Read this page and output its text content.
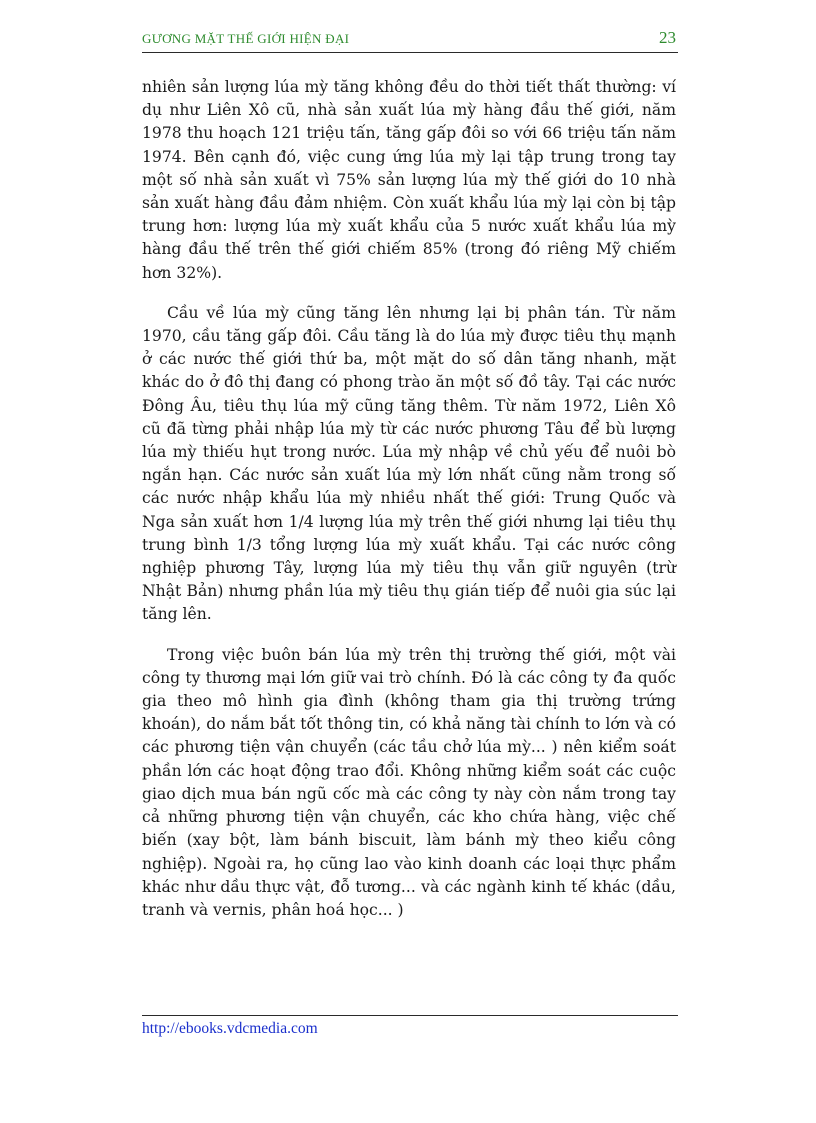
GƯƠNG MẶT THẾ GIỚI HIỆN ĐẠI	23

nhiên sản lượng lúa mỳ tăng không đều do thời tiết thất thường: ví dụ như Liên Xô cũ, nhà sản xuất lúa mỳ hàng đầu thế giới, năm 1978 thu hoạch 121 triệu tấn, tăng gấp đôi so với 66 triệu tấn năm 1974. Bên cạnh đó, việc cung ứng lúa mỳ lại tập trung trong tay một số nhà sản xuất vì 75% sản lượng lúa mỳ thế giới do 10 nhà sản xuất hàng đầu đảm nhiệm. Còn xuất khẩu lúa mỳ lại còn bị tập trung hơn: lượng lúa mỳ xuất khẩu của 5 nước xuất khẩu lúa mỳ hàng đầu thế trên thế giới chiếm 85% (trong đó riêng Mỹ chiếm hơn 32%).

Cầu về lúa mỳ cũng tăng lên nhưng lại bị phân tán. Từ năm 1970, cầu tăng gấp đôi. Cầu tăng là do lúa mỳ được tiêu thụ mạnh ở các nước thế giới thứ ba, một mặt do số dân tăng nhanh, mặt khác do ở đô thị đang có phong trào ăn một số đồ tây. Tại các nước Đông Âu, tiêu thụ lúa mỹ cũng tăng thêm. Từ năm 1972, Liên Xô cũ đã từng phải nhập lúa mỳ từ các nước phương Tâu để bù lượng lúa mỳ thiếu hụt trong nước. Lúa mỳ nhập về chủ yếu để nuôi bò ngắn hạn. Các nước sản xuất lúa mỳ lớn nhất cũng nằm trong số các nước nhập khẩu lúa mỳ nhiều nhất thế giới: Trung Quốc và Nga sản xuất hơn 1/4 lượng lúa mỳ trên thế giới nhưng lại tiêu thụ trung bình 1/3 tổng lượng lúa mỳ xuất khẩu. Tại các nước công nghiệp phương Tây, lượng lúa mỳ tiêu thụ vẫn giữ nguyên (trừ Nhật Bản) nhưng phần lúa mỳ tiêu thụ gián tiếp để nuôi gia súc lại tăng lên.

Trong việc buôn bán lúa mỳ trên thị trường thế giới, một vài công ty thương mại lớn giữ vai trò chính. Đó là các công ty đa quốc gia theo mô hình gia đình (không tham gia thị trường trứng khoán), do nắm bắt tốt thông tin, có khả năng tài chính to lớn và có các phương tiện vận chuyển (các tầu chở lúa mỳ... ) nên kiểm soát phần lớn các hoạt động trao đổi. Không những kiểm soát các cuộc giao dịch mua bán ngũ cốc mà các công ty này còn nắm trong tay cả những phương tiện vận chuyển, các kho chứa hàng, việc chế biến (xay bột, làm bánh biscuit, làm bánh mỳ theo kiểu công nghiệp). Ngoài ra, họ cũng lao vào kinh doanh các loại thực phẩm khác như dầu thực vật, đỗ tương... và các ngành kinh tế khác (dầu, tranh và vernis, phân hoá học... )

http://ebooks.vdcmedia.com
